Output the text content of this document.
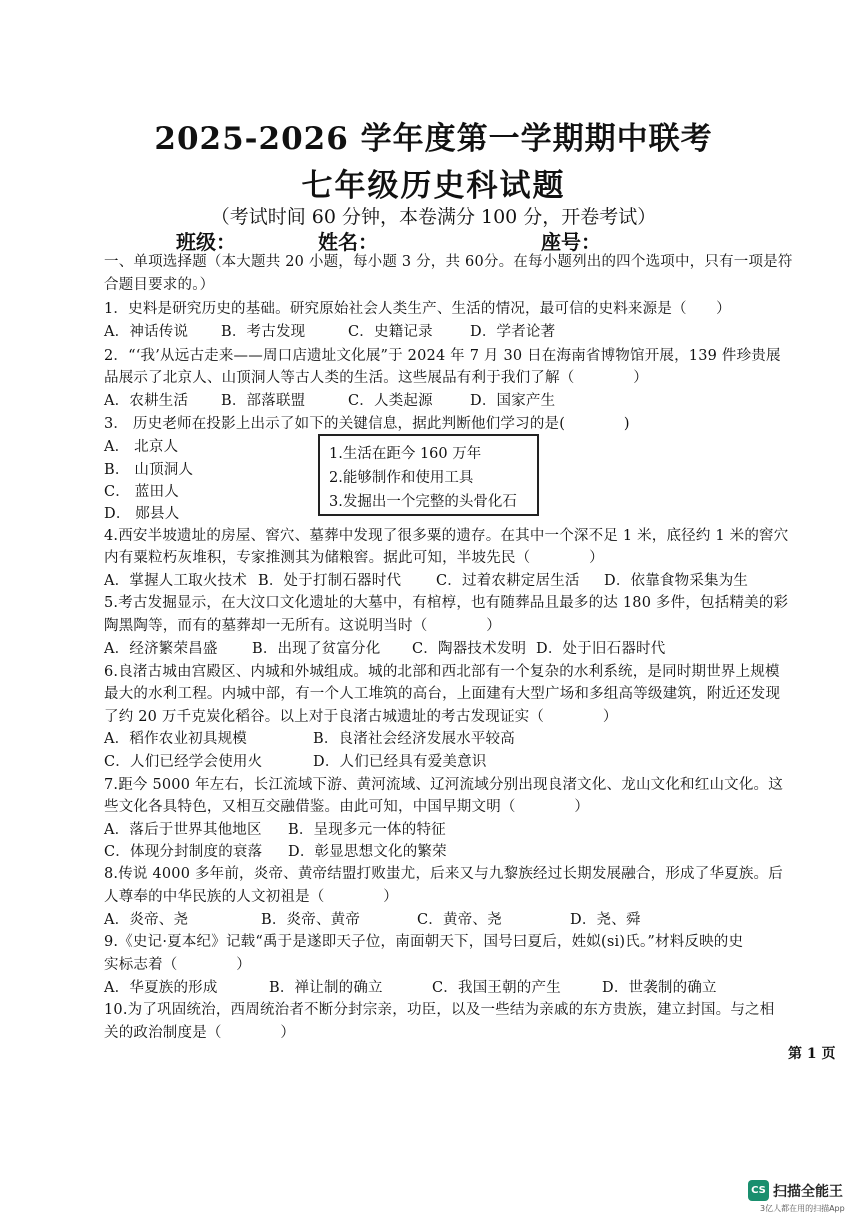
2025-2026 学年度第一学期期中联考
七年级历史科试题
（考试时间 60 分钟，本卷满分 100 分，开卷考试）
班级：	姓名：	座号：
一、单项选择题（本大题共 20 小题，每小题 3 分，共 60分。在每小题列出的四个选项中，只有一项是符
合题目要求的。）
1．史料是研究历史的基础。研究原始社会人类生产、生活的情况，最可信的史料来源是（　　）
A．神话传说 B．考古发现	C．史籍记录	D．学者论著
2．“‘我’从远古走来——周口店遗址文化展”于 2024 年 7 月 30 日在海南省博物馆开展，139 件珍贵展
品展示了北京人、山顶洞人等古人类的生活。这些展品有利于我们了解（　　　　）
A．农耕生活 B．部落联盟	C．人类起源	D．国家产生
3． 历史老师在投影上出示了如下的关键信息，据此判断他们学习的是(　　　　)
A． 北京人
B． 山顶洞人
C． 蓝田人
D． 郧县人
1.生活在距今 160 万年
2.能够制作和使用工具
3.发掘出一个完整的头骨化石
4.西安半坡遗址的房屋、窖穴、墓葬中发现了很多粟的遗存。在其中一个深不足 1 米，底径约 1 米的窖穴
内有粟粒朽灰堆积，专家推测其为储粮窖。据此可知，半坡先民（　　　　）
A．掌握人工取火技术 B．处于打制石器时代 C．过着农耕定居生活 D．依靠食物采集为生
5.考古发掘显示，在大汶口文化遗址的大墓中，有棺椁，也有随葬品且最多的达 180 多件，包括精美的彩
陶黑陶等，而有的墓葬却一无所有。这说明当时（　　　　）
A．经济繁荣昌盛 B．出现了贫富分化 C．陶器技术发明 D．处于旧石器时代
6.良渚古城由宫殿区、内城和外城组成。城的北部和西北部有一个复杂的水利系统，是同时期世界上规模
最大的水利工程。内城中部，有一个人工堆筑的高台，上面建有大型广场和多组高等级建筑，附近还发现
了约 20 万千克炭化稻谷。以上对于良渚古城遗址的考古发现证实（　　　　）
A．稻作农业初具规模	B．良渚社会经济发展水平较高
C．人们已经学会使用火	D．人们已经具有爱美意识
7.距今 5000 年左右，长江流域下游、黄河流域、辽河流域分别出现良渚文化、龙山文化和红山文化。这
些文化各具特色，又相互交融借鉴。由此可知，中国早期文明（　　　　）
A．落后于世界其他地区 B．呈现多元一体的特征
C．体现分封制度的衰落 D．彰显思想文化的繁荣
8.传说 4000 多年前，炎帝、黄帝结盟打败蚩尤，后来又与九黎族经过长期发展融合，形成了华夏族。后
人尊奉的中华民族的人文初祖是（　　　　）
A．炎帝、尧	B．炎帝、黄帝	C．黄帝、尧	D．尧、舜
9.《史记·夏本纪》记载“禹于是遂即天子位，南面朝天下，国号曰夏后，姓姒(si)氏。”材料反映的史
实标志着（　　　　）
A．华夏族的形成	B．禅让制的确立	C．我国王朝的产生	D．世袭制的确立
10.为了巩固统治，西周统治者不断分封宗亲，功臣，以及一些结为亲戚的东方贵族，建立封国。与之相
关的政治制度是（　　　　）
第 1 页
CS 扫描全能王
3亿人都在用的扫描App
